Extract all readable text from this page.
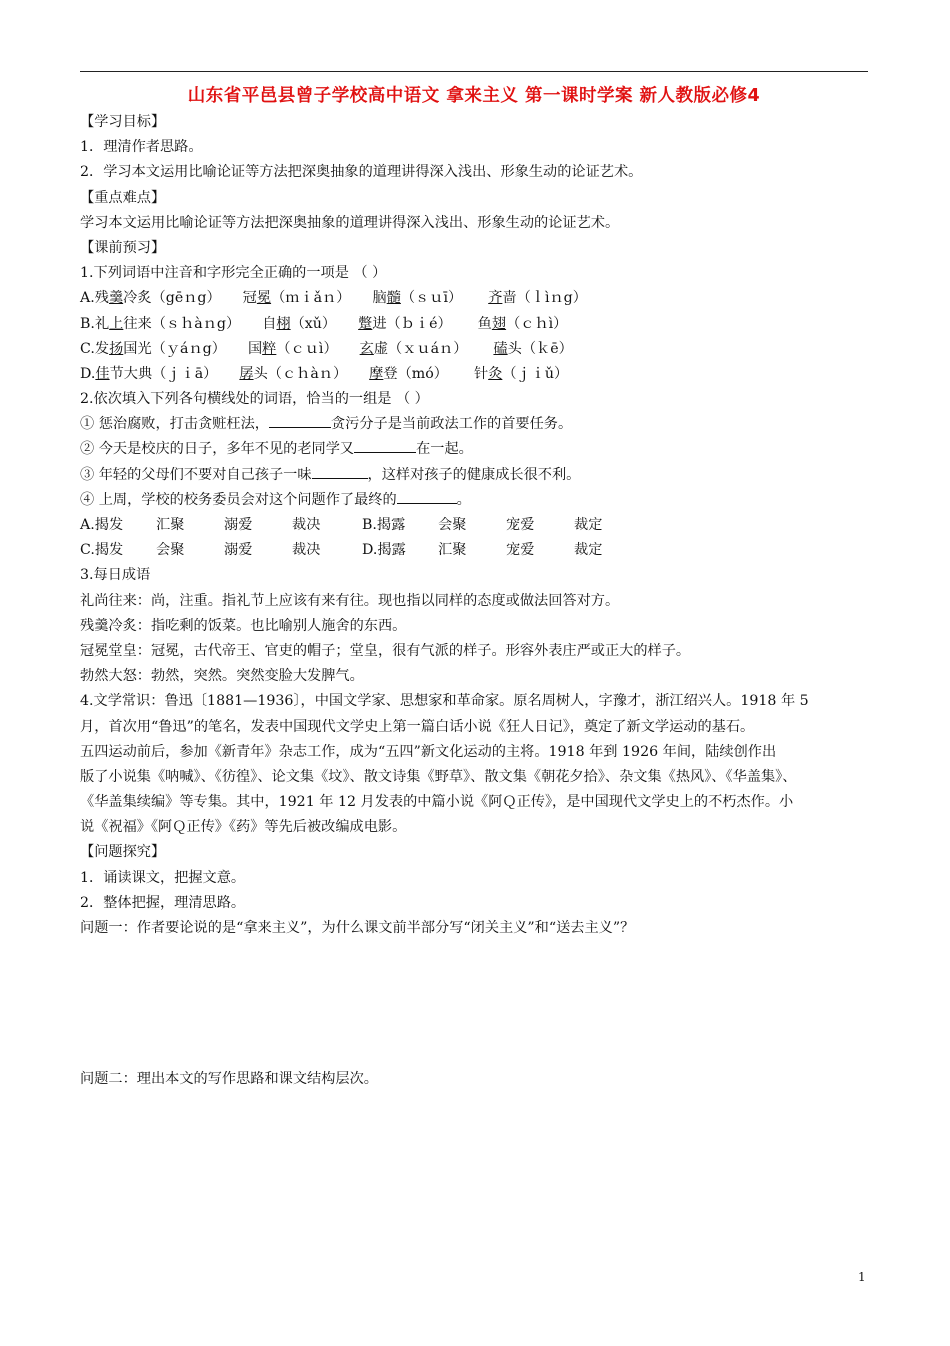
山东省平邑县曾子学校高中语文 拿来主义 第一课时学案 新人教版必修4
【学习目标】
1．理清作者思路。
2．学习本文运用比喻论证等方法把深奥抽象的道理讲得深入浅出、形象生动的论证艺术。
【重点难点】
学习本文运用比喻论证等方法把深奥抽象的道理讲得深入浅出、形象生动的论证艺术。
【课前预习】
1.下列词语中注音和字形完全正确的一项是 （ ）
A.残羹冷炙（gēｎg） 冠冕（ｍｉǎｎ） 脑髓（ｓｕī） 齐啬（ｌìｎg）
B.礼上往来（ｓｈàｎg） 自栩（xǔ） 蹩进（ｂｉé） 鱼翅（ｃｈì）
C.发扬国光（ｙáｎg） 国粹（ｃｕì） 玄虚（ｘｕáｎ） 磕头（ｋē）
D.佳节大典（ｊｉā） 孱头（ｃｈàｎ） 摩登（mó） 针灸（ｊｉǔ）
2.依次填入下列各句横线处的词语，恰当的一组是 （ ）
① 惩治腐败，打击贪赃枉法，	贪污分子是当前政法工作的首要任务。
② 今天是校庆的日子，多年不见的老同学又	在一起。
③ 年轻的父母们不要对自己孩子一味	，这样对孩子的健康成长很不利。
④ 上周，学校的校务委员会对这个问题作了最终的	。
A.揭发 汇聚	溺爱	裁决	B.揭露 会聚	宠爱	裁定
C.揭发 会聚	溺爱	裁决	D.揭露 汇聚	宠爱	裁定
3.每日成语
礼尚往来：尚，注重。指礼节上应该有来有往。现也指以同样的态度或做法回答对方。
残羹冷炙：指吃剩的饭菜。也比喻别人施舍的东西。
冠冕堂皇：冠冕，古代帝王、官吏的帽子；堂皇，很有气派的样子。形容外表庄严或正大的样子。
勃然大怒：勃然，突然。突然变脸大发脾气。
4.文学常识：鲁迅〔1881—1936〕，中国文学家、思想家和革命家。原名周树人，字豫才，浙江绍兴人。1918 年 5
月，首次用“鲁迅”的笔名，发表中国现代文学史上第一篇白话小说《狂人日记》，奠定了新文学运动的基石。
五四运动前后，参加《新青年》杂志工作，成为“五四”新文化运动的主将。1918 年到 1926 年间，陆续创作出
版了小说集《呐喊》、《彷徨》、论文集《坟》、散文诗集《野草》、散文集《朝花夕拾》、杂文集《热风》、《华盖集》、
《华盖集续编》等专集。其中，1921 年 12 月发表的中篇小说《阿Ｑ正传》，是中国现代文学史上的不朽杰作。小
说《祝福》《阿Ｑ正传》《药》等先后被改编成电影。
【问题探究】
1．诵读课文，把握文意。
2．整体把握，理清思路。
问题一：作者要论说的是“拿来主义”，为什么课文前半部分写“闭关主义”和“送去主义”？
问题二：理出本文的写作思路和课文结构层次。
1
